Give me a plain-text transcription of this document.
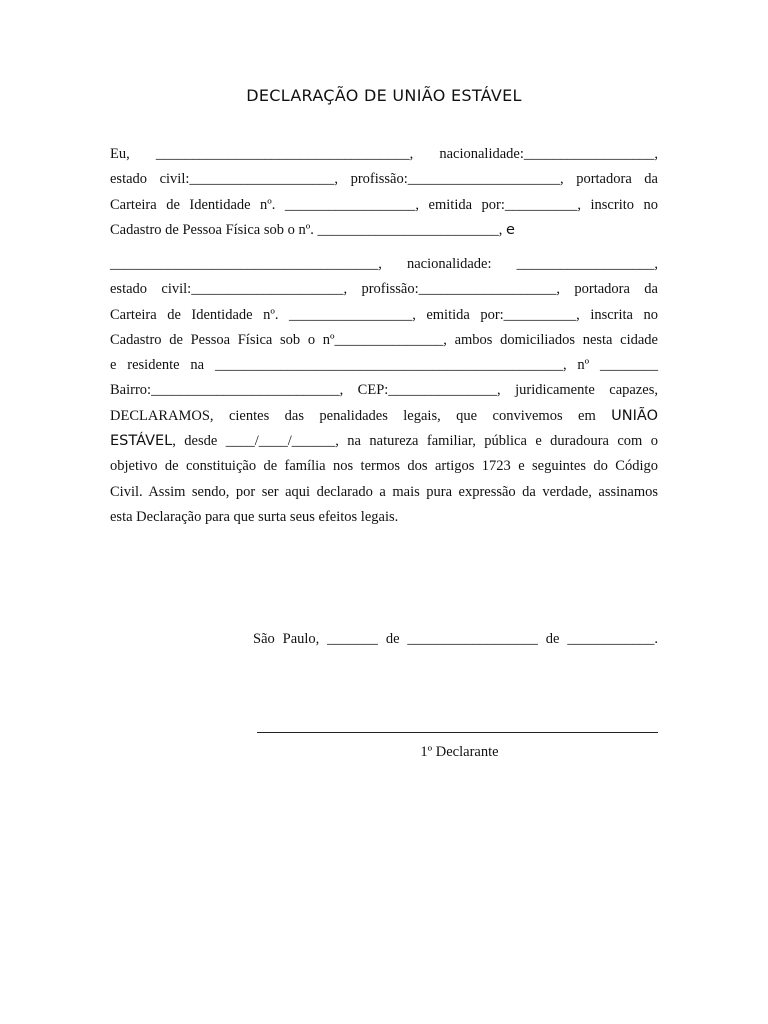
DECLARAÇÃO DE UNIÃO ESTÁVEL
Eu, ___________________________________, nacionalidade:__________________,
estado civil:____________________, profissão:_____________________, portadora da
Carteira de Identidade nº. __________________, emitida por:__________, inscrito no
Cadastro de Pessoa Física sob o nº. _________________________, e
_____________________________________, nacionalidade: ___________________,
estado civil:_____________________, profissão:___________________, portadora da
Carteira de Identidade nº. _________________, emitida por:__________, inscrita no
Cadastro de Pessoa Física sob o nº_______________, ambos domiciliados nesta cidade
e residente na ________________________________________________, nº ________
Bairro:__________________________, CEP:_______________, juridicamente capazes,
DECLARAMOS, cientes das penalidades legais, que convivemos em UNIÃO
ESTÁVEL, desde ____/____/______, na natureza familiar, pública e duradoura com o
objetivo de constituição de família nos termos dos artigos 1723 e seguintes do Código
Civil. Assim sendo, por ser aqui declarado a mais pura expressão da verdade, assinamos
esta Declaração para que surta seus efeitos legais.
São Paulo, _______ de __________________ de ____________.
1º Declarante
